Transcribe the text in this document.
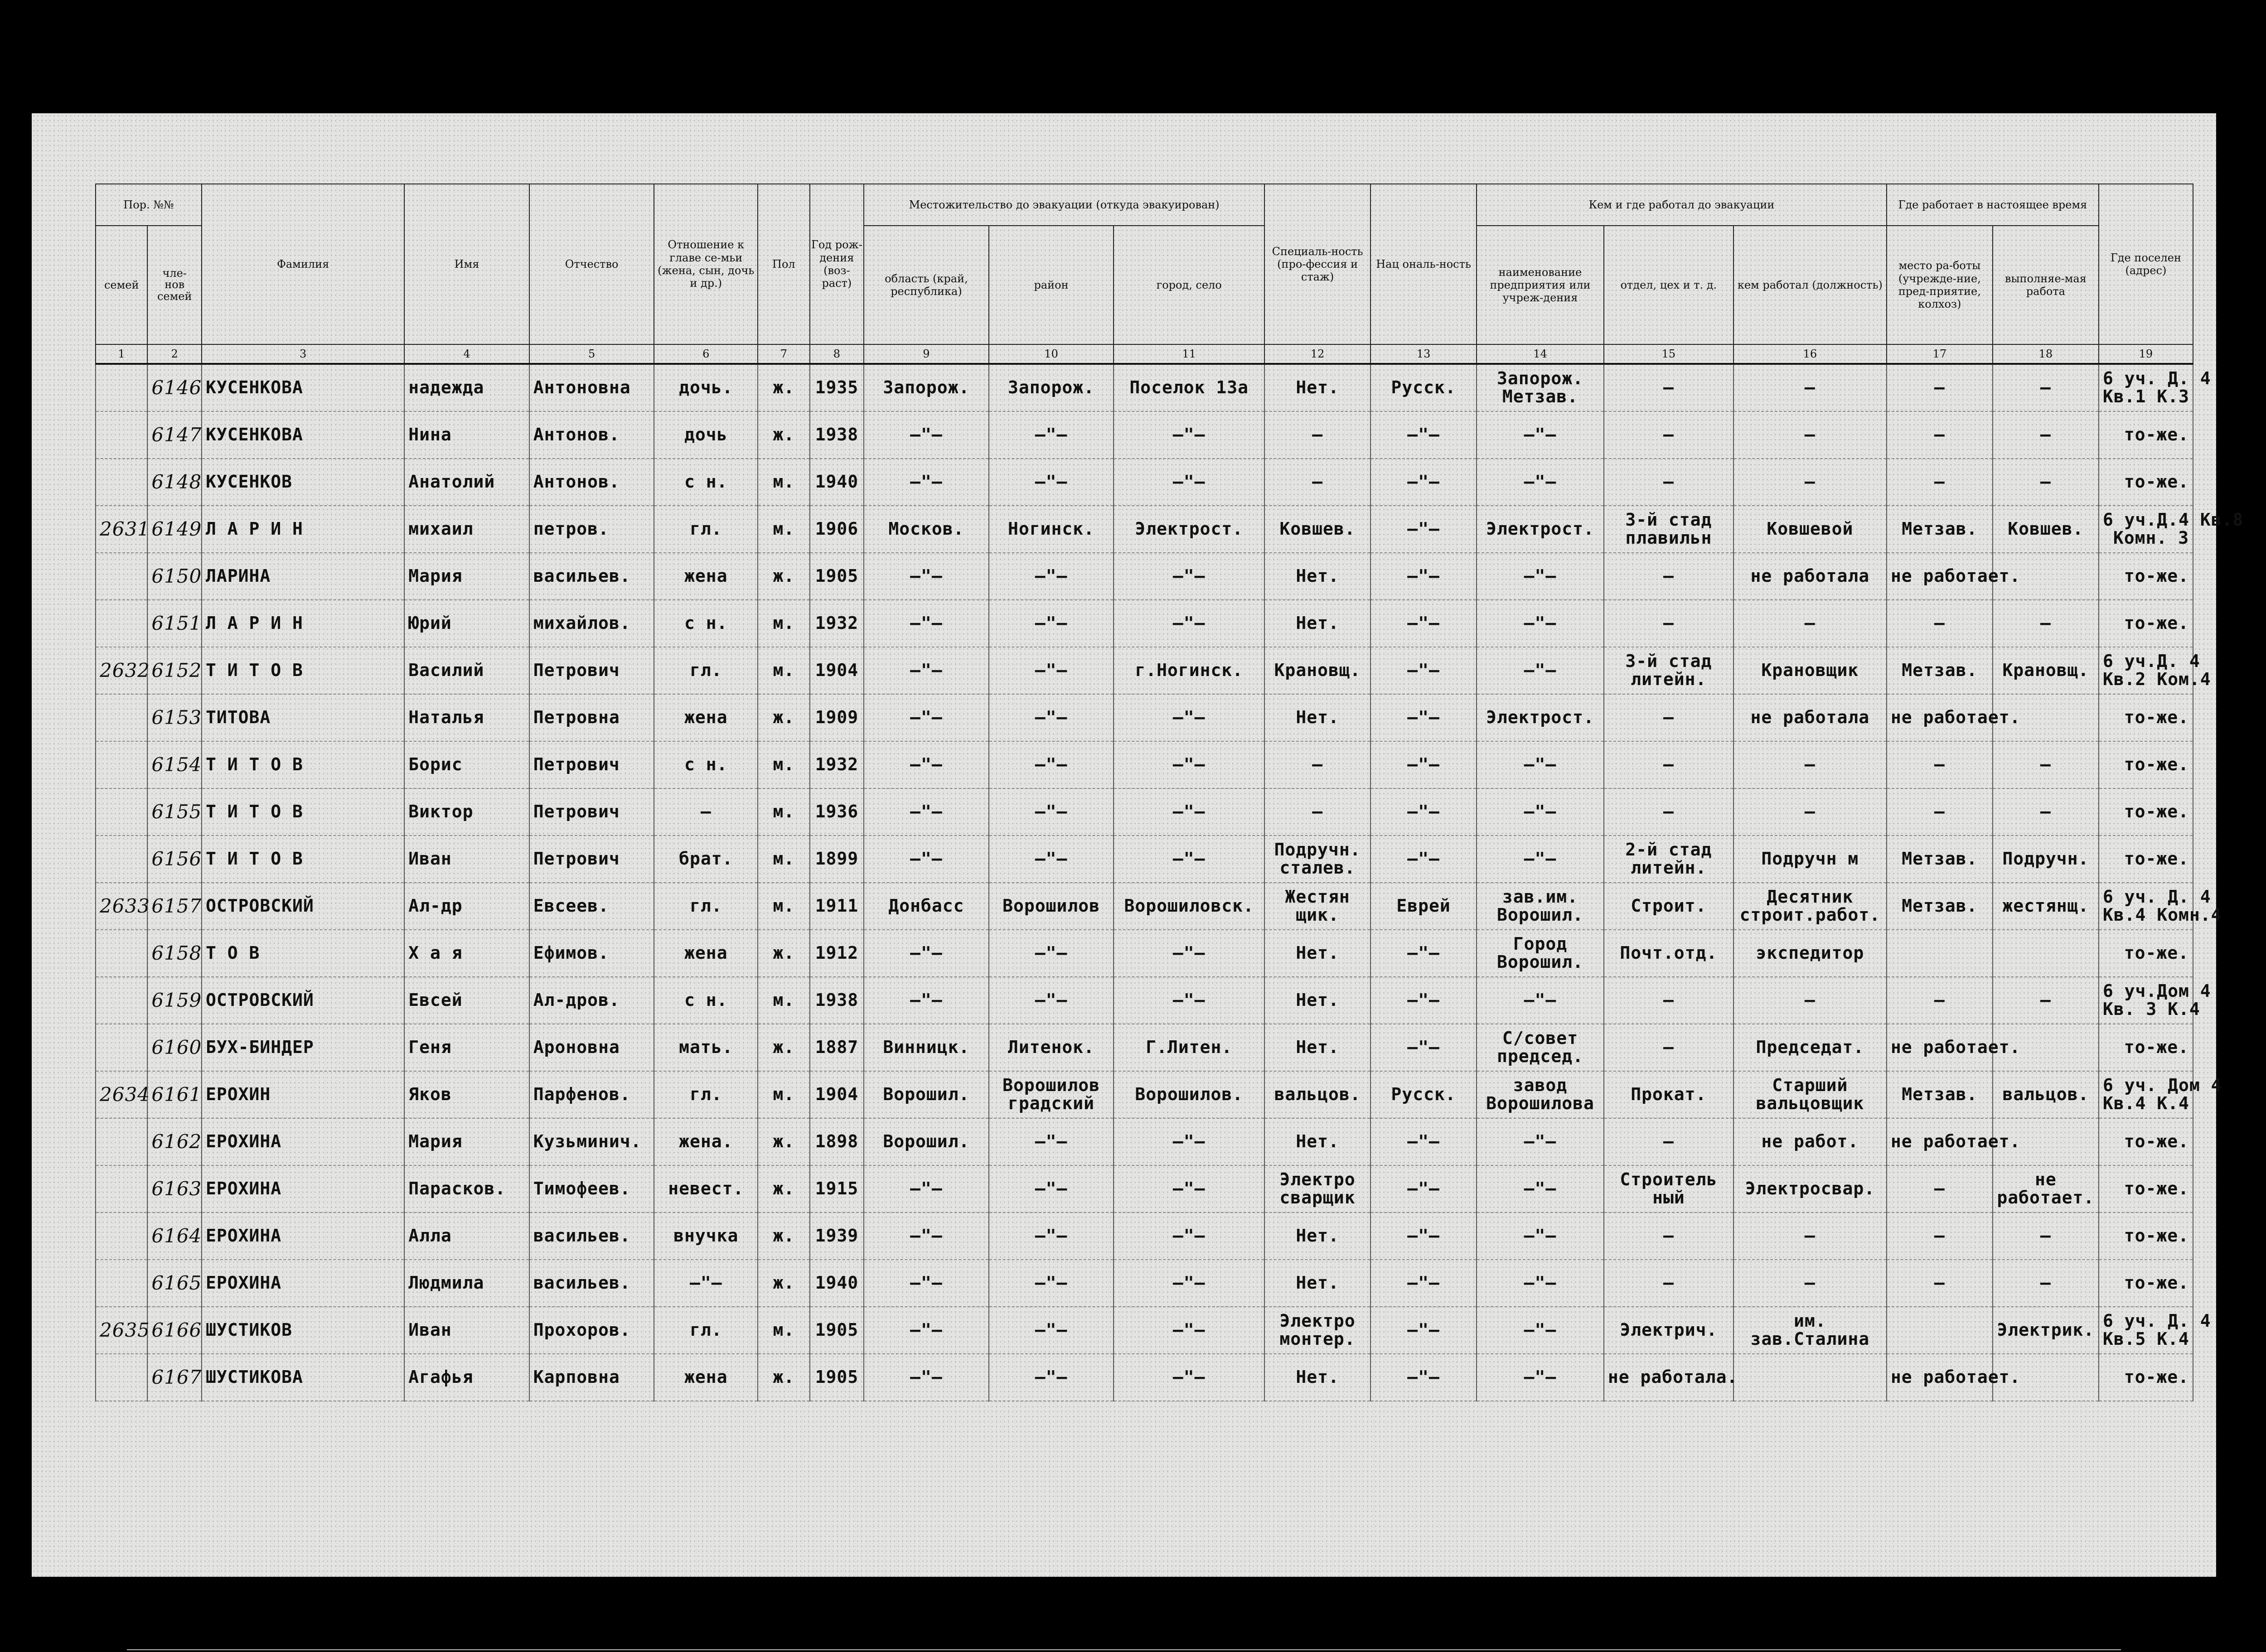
Пор. №№		Фамилия	Имя	Отчество	Отношение к главе се-мьи (жена, сын, дочь и др.)	Пол	Год рож-дения (воз-раст)	Местожительство до эвакуации (откуда эвакуирован)			Специаль-ность (про-фессия и стаж)	Нац ональ-ность	Кем и где работал до эвакуации			Где работает в настоящее время		Где поселен (адрес)
семей	чле-
нов
семей							область (край, республика)	район	город, село			наименование предприятия или учреж-дения	отдел, цех и т. д.	кем работал (должность)	место ра-боты (учрежде-ние, пред-приятие, колхоз)	выполняе-мая работа	
1	2	3	4	5	6	7	8	9	10	11	12	13	14	15	16	17	18	19

	6146	КУСЕНКОВА	надежда	Антоновна	дочь.	ж.	1935	Запорож.	Запорож.	Поселок 13а	Нет.	Русск.	Запорож.
Метзав.	–	–	–	–	6 уч. Д. 4
Кв.1 К.3

	6147	КУСЕНКОВА	Нина	Антонов.	дочь	ж.	1938	–"–	–"–	–"–	–	–"–	–"–	–	–	–	–	то-же.

	6148	КУСЕНКОВ	Анатолий	Антонов.	с н.	м.	1940	–"–	–"–	–"–	–	–"–	–"–	–	–	–	–	то-же.

2631	6149	Л А Р И Н	михаил	петров.	гл.	м.	1906	Москов.	Ногинск.	Электрост.	Ковшев.	–"–	Электрост.	3-й стад
плавильн	Ковшевой	Метзав.	Ковшев.	6 уч.Д.4 Кв.8
Комн. 3

	6150	ЛАРИНА	Мария	васильев.	жена	ж.	1905	–"–	–"–	–"–	Нет.	–"–	–"–	–	не работала	не работает.		то-же.

	6151	Л А Р И Н	Юрий	михайлов.	с н.	м.	1932	–"–	–"–	–"–	Нет.	–"–	–"–	–	–	–	–	то-же.

2632	6152	Т И Т О В	Василий	Петрович	гл.	м.	1904	–"–	–"–	г.Ногинск.	Крановщ.	–"–	–"–	3-й стад
литейн.	Крановщик	Метзав.	Крановщ.	6 уч.Д. 4
Кв.2 Ком.4

	6153	ТИТОВА	Наталья	Петровна	жена	ж.	1909	–"–	–"–	–"–	Нет.	–"–	Электрост.	–	не работала	не работает.		то-же.

	6154	Т И Т О В	Борис	Петрович	с н.	м.	1932	–"–	–"–	–"–	–	–"–	–"–	–	–	–	–	то-же.

	6155	Т И Т О В	Виктор	Петрович	–	м.	1936	–"–	–"–	–"–	–	–"–	–"–	–	–	–	–	то-же.

	6156	Т И Т О В	Иван	Петрович	брат.	м.	1899	–"–	–"–	–"–	Подручн.
сталев.	–"–	–"–	2-й стад
литейн.	Подручн м	Метзав.	Подручн.	то-же.

2633	6157	ОСТРОВСКИЙ	Ал-др	Евсеев.	гл.	м.	1911	Донбасс	Ворошилов	Ворошиловск.	Жестян
щик.	Еврей	зав.им.
Ворошил.	Строит.	Десятник
строит.работ.	Метзав.	жестянщ.	6 уч. Д. 4
Кв.4 Комн.4

	6158	Т О В	Х а я	Ефимов.	жена	ж.	1912	–"–	–"–	–"–	Нет.	–"–	Город
Ворошил.	Почт.отд.	экспедитор			то-же.

	6159	ОСТРОВСКИЙ	Евсей	Ал-дров.	с н.	м.	1938	–"–	–"–	–"–	Нет.	–"–	–"–	–	–	–	–	6 уч.Дом 4
Кв. 3 К.4

	6160	БУХ-БИНДЕР	Геня	Ароновна	мать.	ж.	1887	Винницк.	Литенок.	Г.Литен.	Нет.	–"–	С/совет
председ.	–	Председат.	не работает.		то-же.

2634	6161	ЕРОХИН	Яков	Парфенов.	гл.	м.	1904	Ворошил.	Ворошилов
градский	Ворошилов.	вальцов.	Русск.	завод
Ворошилова	Прокат.	Старший
вальцовщик	Метзав.	вальцов.	6 уч. Дом 4
Кв.4 К.4

	6162	ЕРОХИНА	Мария	Кузьминич.	жена.	ж.	1898	Ворошил.	–"–	–"–	Нет.	–"–	–"–	–	не работ.	не работает.		то-же.

	6163	ЕРОХИНА	Парасков.	Тимофеев.	невест.	ж.	1915	–"–	–"–	–"–	Электро
сварщик	–"–	–"–	Строитель
ный	Электросвар.	–	не
работает.	то-же.

	6164	ЕРОХИНА	Алла	васильев.	внучка	ж.	1939	–"–	–"–	–"–	Нет.	–"–	–"–	–	–	–	–	то-же.

	6165	ЕРОХИНА	Людмила	васильев.	–"–	ж.	1940	–"–	–"–	–"–	Нет.	–"–	–"–	–	–	–	–	то-же.

2635	6166	ШУСТИКОВ	Иван	Прохоров.	гл.	м.	1905	–"–	–"–	–"–	Электро
монтер.	–"–	–"–	Электрич.	им.
зав.Сталина		Электрик.	6 уч. Д. 4
Кв.5 К.4

	6167	ШУСТИКОВА	Агафья	Карповна	жена	ж.	1905	–"–	–"–	–"–	Нет.	–"–	–"–	не работала.		не работает.		то-же.
